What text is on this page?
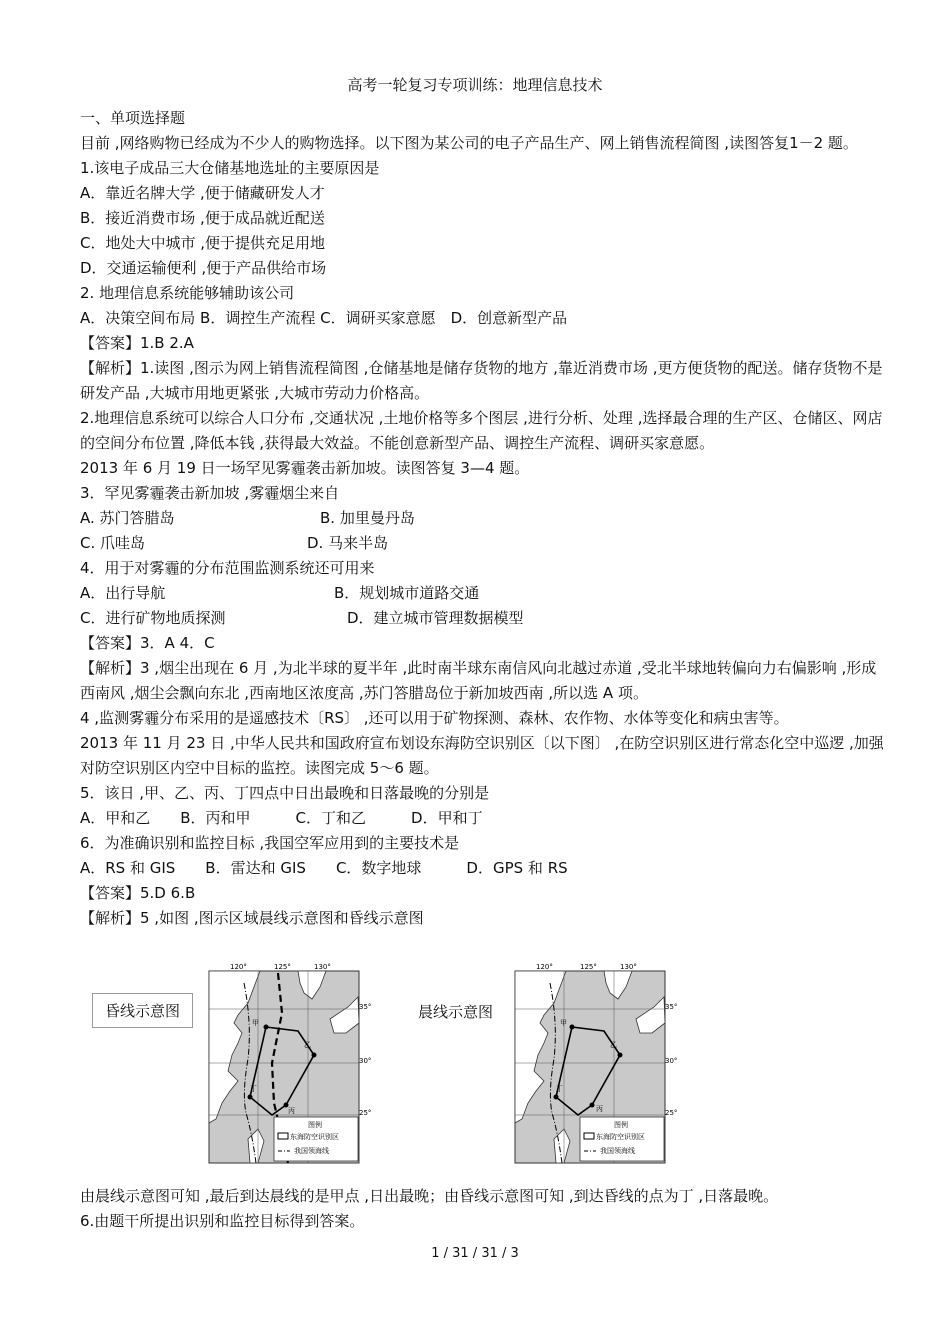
高考一轮复习专项训练：地理信息技术
一、单项选择题
目前 ,网络购物已经成为不少人的购物选择。以下图为某公司的电子产品生产、网上销售流程简图 ,读图答复1－2 题。
1.该电子成品三大仓储基地选址的主要原因是
A．靠近名牌大学 ,便于储藏研发人才
B．接近消费市场 ,便于成品就近配送
C．地处大中城市 ,便于提供充足用地
D．交通运输便利 ,便于产品供给市场
2. 地理信息系统能够辅助该公司
A．决策空间布局 B．调控生产流程 C．调研买家意愿　D．创意新型产品
【答案】1.B 2.A
【解析】1.读图 ,图示为网上销售流程简图 ,仓储基地是储存货物的地方 ,靠近消费市场 ,更方便货物的配送。储存货物不是研发产品 ,大城市用地更紧张 ,大城市劳动力价格高。
2.地理信息系统可以综合人口分布 ,交通状况 ,土地价格等多个图层 ,进行分析、处理 ,选择最合理的生产区、仓储区、网店的空间分布位置 ,降低本钱 ,获得最大效益。不能创意新型产品、调控生产流程、调研买家意愿。
2013 年 6 月 19 日一场罕见雾霾袭击新加坡。读图答复 3—4 题。
3．罕见雾霾袭击新加坡 ,雾霾烟尘来自
A. 苏门答腊岛	B. 加里曼丹岛
C. 爪哇岛	D. 马来半岛
4．用于对雾霾的分布范围监测系统还可用来
A．出行导航	B．规划城市道路交通
C．进行矿物地质探测	D．建立城市管理数据模型
【答案】3．A 4．C
【解析】3 ,烟尘出现在 6 月 ,为北半球的夏半年 ,此时南半球东南信风向北越过赤道 ,受北半球地转偏向力右偏影响 ,形成西南风 ,烟尘会飘向东北 ,西南地区浓度高 ,苏门答腊岛位于新加坡西南 ,所以选 A 项。
4 ,监测雾霾分布采用的是遥感技术〔RS〕 ,还可以用于矿物探测、森林、农作物、水体等变化和病虫害等。
2013 年 11 月 23 日 ,中华人民共和国政府宣布划设东海防空识别区〔以下图〕 ,在防空识别区进行常态化空中巡逻 ,加强对防空识别区内空中目标的监控。读图完成 5～6 题。
5．该日 ,甲、乙、丙、丁四点中日出最晚和日落最晚的分别是
A．甲和乙　　B．丙和甲　　　C．丁和乙　　　D．甲和丁
6．为准确识别和监控目标 ,我国空军应用到的主要技术是
A．RS 和 GIS　　B．雷达和 GIS　　C．数字地球　　　D．GPS 和 RS
【答案】5.D 6.B
【解析】5 ,如图 ,图示区域晨线示意图和昏线示意图
昏线示意图	晨线示意图
120°	125°	130°
35°
30°
25°
甲
乙
丙
丁
图例
东海防空识别区
我国领海线
120°	125°	130°
35°
30°
25°
甲
乙
丙
丁
图例
东海防空识别区
我国领海线
由晨线示意图可知 ,最后到达晨线的是甲点 ,日出最晚；由昏线示意图可知 ,到达昏线的点为丁 ,日落最晚。
6.由题干所提出识别和监控目标得到答案。
1 / 31 / 31 / 3
